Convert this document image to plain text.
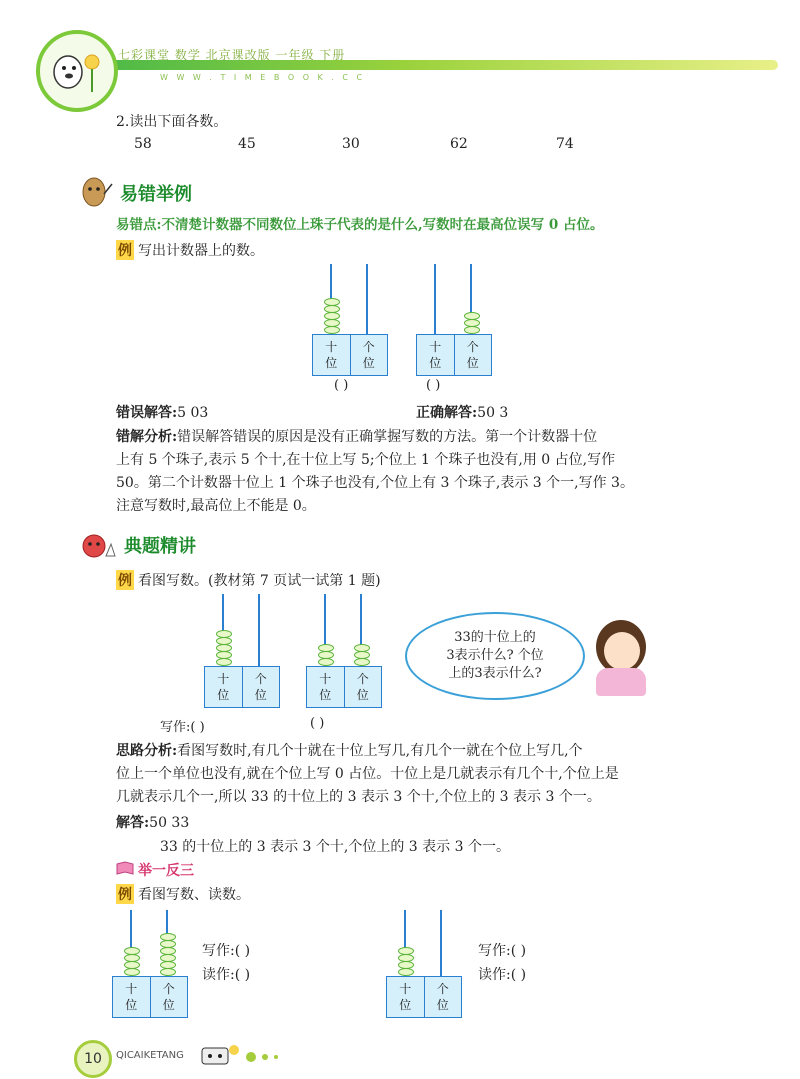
七彩课堂 数学 北京课改版 一年级 下册
W W W . T I M E B O O K . C C
2.读出下面各数。
58	45	30	62	74
易错举例
易错点:不清楚计数器不同数位上珠子代表的是什么,写数时在最高位误写 0 占位。
例 写出计数器上的数。
十
位
个
位
( )
十
位
个
位
( )
错误解答:5 03	正确解答:50 3
错解分析:错误解答错误的原因是没有正确掌握写数的方法。第一个计数器十位
上有 5 个珠子,表示 5 个十,在十位上写 5;个位上 1 个珠子也没有,用 0 占位,写作
50。第二个计数器十位上 1 个珠子也没有,个位上有 3 个珠子,表示 3 个一,写作 3。
注意写数时,最高位上不能是 0。
典题精讲
例 看图写数。(教材第 7 页试一试第 1 题)
十
位
个
位
十
位
个
位
33的十位上的
3表示什么? 个位
上的3表示什么?
写作:( )	( )
思路分析:看图写数时,有几个十就在十位上写几,有几个一就在个位上写几,个
位上一个单位也没有,就在个位上写 0 占位。十位上是几就表示有几个十,个位上是
几就表示几个一,所以 33 的十位上的 3 表示 3 个十,个位上的 3 表示 3 个一。
解答:50 33
33 的十位上的 3 表示 3 个十,个位上的 3 表示 3 个一。
举一反三
例 看图写数、读数。
十
位
个
位
写作:( )
读作:( )
十
位
个
位
写作:( )
读作:( )
10	QICAIKETANG
